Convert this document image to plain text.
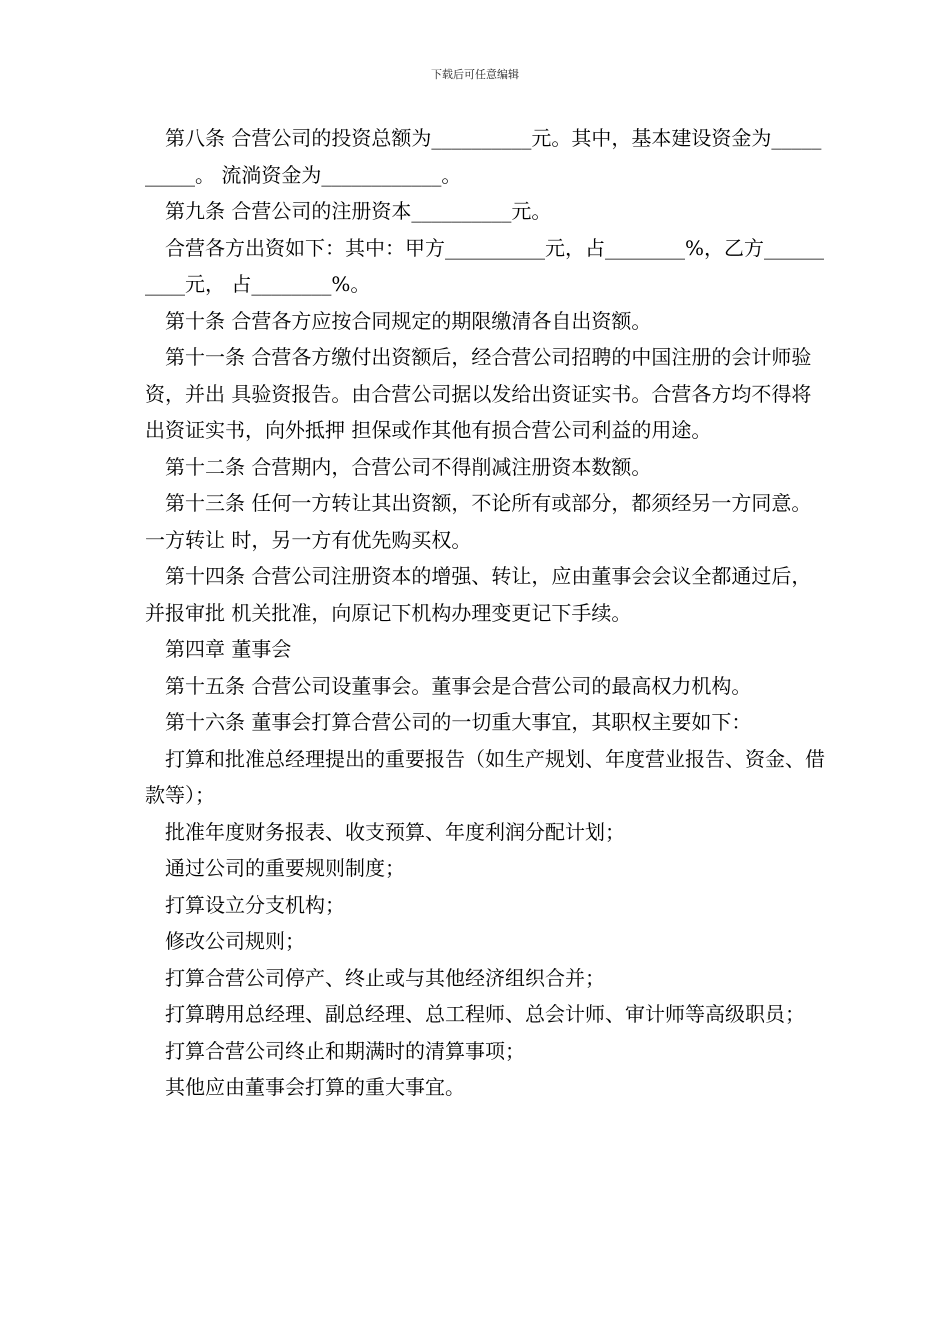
下载后可任意编辑

第八条 合营公司的投资总额为__________元。其中，基本建设资金为__________。 流淌资金为____________。

第九条 合营公司的注册资本__________元。

合营各方出资如下：其中：甲方__________元，占________%，乙方__________元， 占________%。

第十条 合营各方应按合同规定的期限缴清各自出资额。

第十一条 合营各方缴付出资额后，经合营公司招聘的中国注册的会计师验资，并出 具验资报告。由合营公司据以发给出资证实书。合营各方均不得将出资证实书，向外抵押 担保或作其他有损合营公司利益的用途。

第十二条 合营期内，合营公司不得削减注册资本数额。

第十三条 任何一方转让其出资额，不论所有或部分，都须经另一方同意。一方转让 时，另一方有优先购买权。

第十四条 合营公司注册资本的增强、转让，应由董事会会议全都通过后，并报审批 机关批准，向原记下机构办理变更记下手续。

第四章 董事会

第十五条 合营公司设董事会。董事会是合营公司的最高权力机构。

第十六条 董事会打算合营公司的一切重大事宜，其职权主要如下：

打算和批准总经理提出的重要报告（如生产规划、年度营业报告、资金、借款等）；

批准年度财务报表、收支预算、年度利润分配计划；

通过公司的重要规则制度；

打算设立分支机构；

修改公司规则；

打算合营公司停产、终止或与其他经济组织合并；

打算聘用总经理、副总经理、总工程师、总会计师、审计师等高级职员；

打算合营公司终止和期满时的清算事项；

其他应由董事会打算的重大事宜。
